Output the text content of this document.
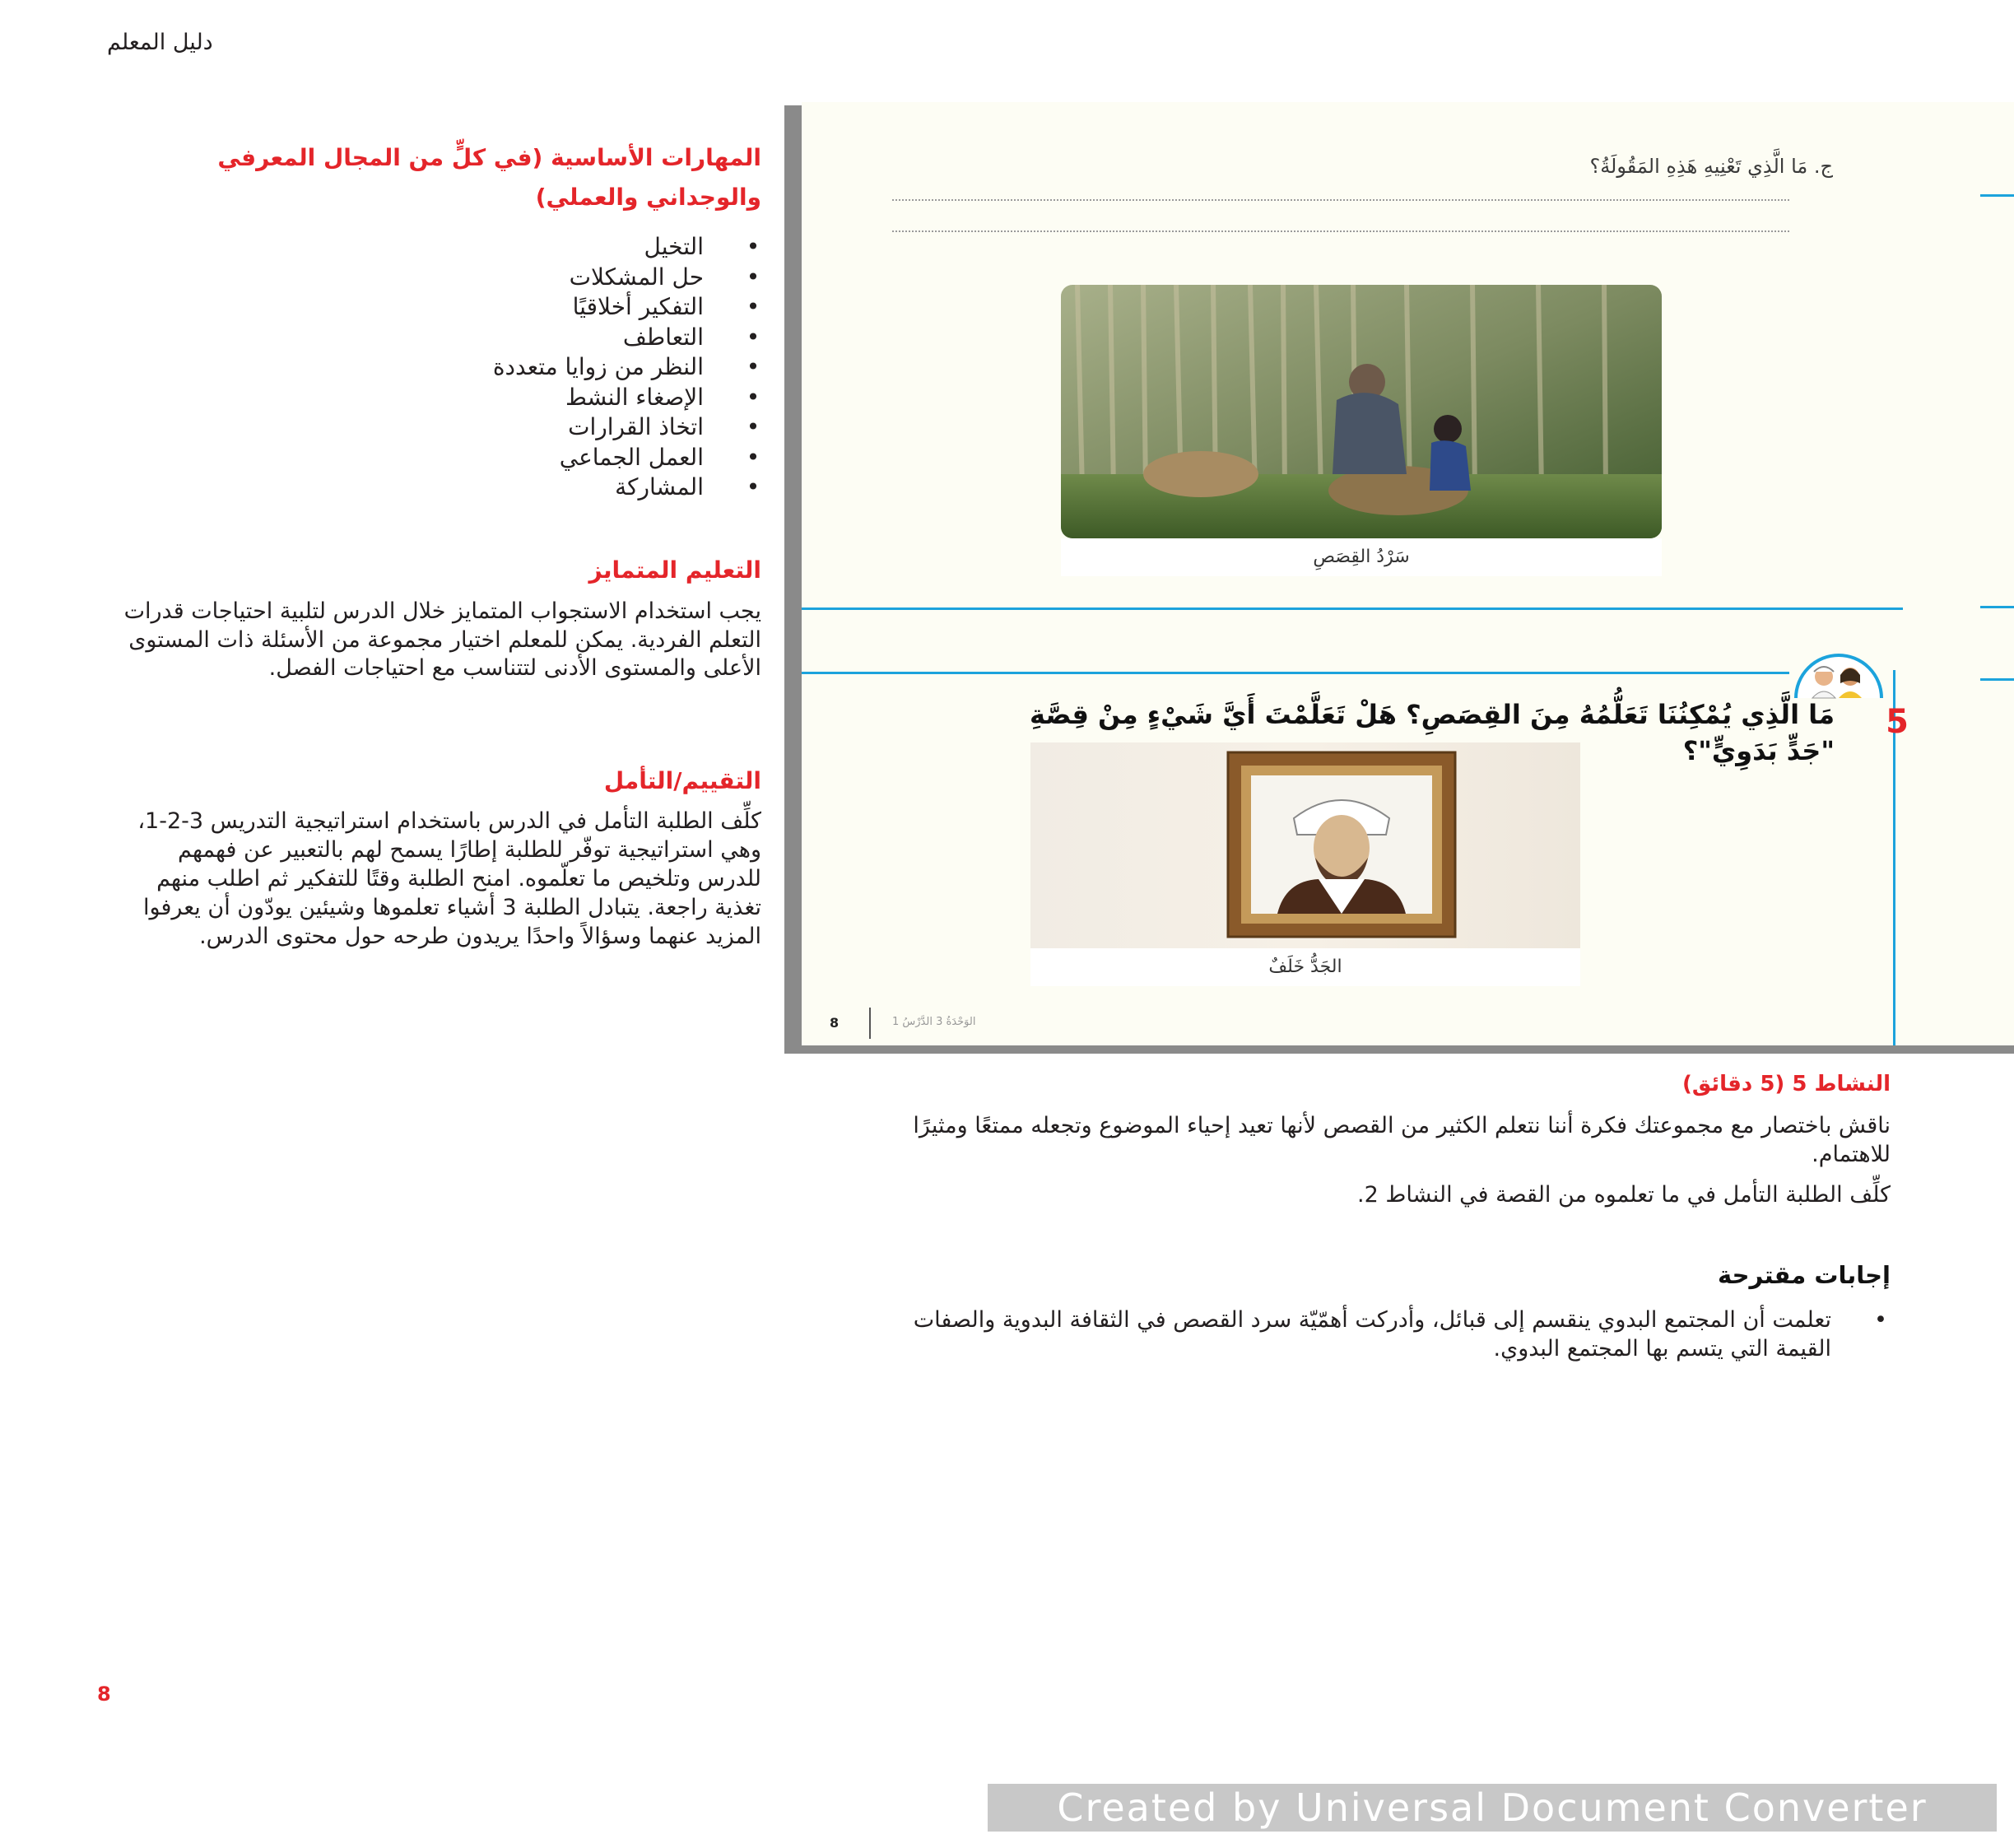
دليل المعلم
المهارات الأساسية (في كلٍّ من المجال المعرفي والوجداني والعملي)
•
التخيل
•
حل المشكلات
•
التفكير أخلاقيًا
•
التعاطف
•
النظر من زوايا متعددة
•
الإصغاء النشط
•
اتخاذ القرارات
•
العمل الجماعي
•
المشاركة
التعليم المتمايز
يجب استخدام الاستجواب المتمايز خلال الدرس لتلبية احتياجات قدرات التعلم الفردية. يمكن للمعلم اختيار مجموعة من الأسئلة ذات المستوى الأعلى والمستوى الأدنى لتتناسب مع احتياجات الفصل.
التقييم/التأمل
كلِّف الطلبة التأمل في الدرس باستخدام استراتيجية التدريس 3-2-1، وهي استراتيجية توفّر للطلبة إطارًا يسمح لهم بالتعبير عن فهمهم للدرس وتلخيص ما تعلّموه. امنح الطلبة وقتًا للتفكير ثم اطلب منهم تغذية راجعة. يتبادل الطلبة 3 أشياء تعلموها وشيئين يودّون أن يعرفوا المزيد عنهما وسؤالاً واحدًا يريدون طرحه حول محتوى الدرس.
ج. مَا الَّذِي تَعْنِيهِ هَذِهِ المَقُولَةُ؟
سَرْدُ القِصَصِ
5
مَا الَّذِي يُمْكِنُنَا تَعَلُّمُهُ مِنَ القِصَصِ؟ هَلْ تَعَلَّمْتَ أَيَّ شَيْءٍ مِنْ قِصَّةِ "جَدٍّ بَدَوِيٍّ"؟
الجَدُّ خَلَفٌ
8	الوَحْدَةُ 3 الدَّرْسُ 1
النشاط 5 (5 دقائق)
ناقش باختصار مع مجموعتك فكرة أننا نتعلم الكثير من القصص لأنها تعيد إحياء الموضوع وتجعله ممتعًا ومثيرًا للاهتمام.
كلِّف الطلبة التأمل في ما تعلموه من القصة في النشاط 2.
إجابات مقترحة
•
تعلمت أن المجتمع البدوي ينقسم إلى قبائل، وأدركت أهمّيّة سرد القصص في الثقافة البدوية والصفات القيمة التي يتسم بها المجتمع البدوي.
8
Created by Universal Document Converter
